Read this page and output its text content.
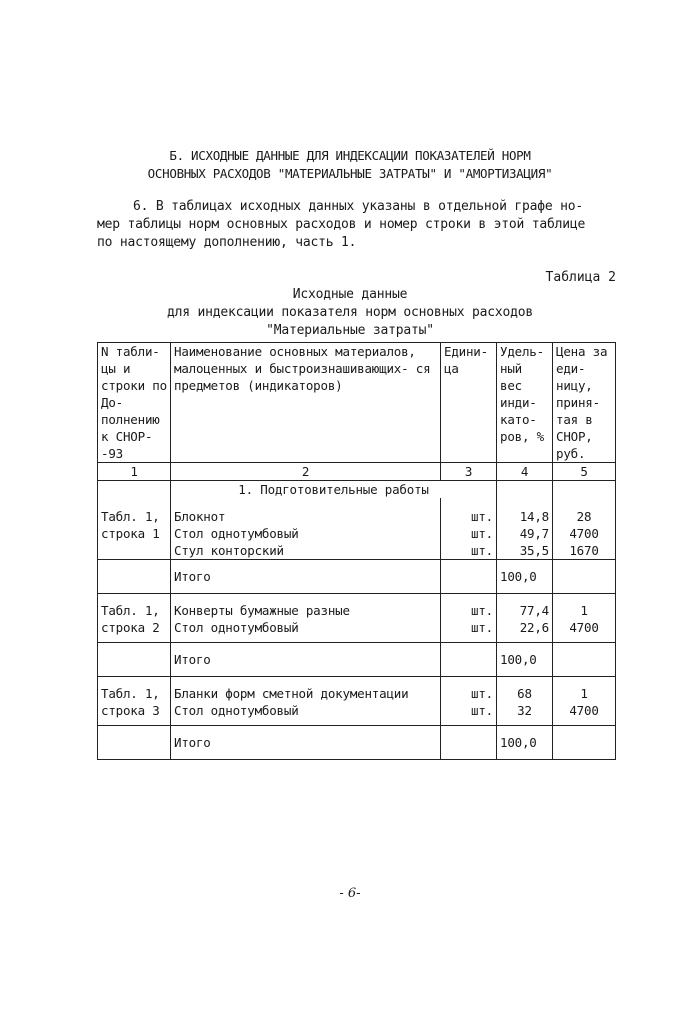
Б. ИСХОДНЫЕ ДАННЫЕ ДЛЯ ИНДЕКСАЦИИ ПОКАЗАТЕЛЕЙ НОРМ
ОСНОВНЫХ РАСХОДОВ "МАТЕРИАЛЬНЫЕ ЗАТРАТЫ" И "АМОРТИЗАЦИЯ"
6. В таблицах исходных данных указаны в отдельной графе но-
мер таблицы норм основных расходов и номер строки в этой таблице
по настоящему дополнению, часть 1.
Таблица 2
Исходные данные
для индексации показателя норм основных расходов
"Материальные затраты"
N табли- цы и строки по До- полнению к СНОР- -93	Наименование основных материалов, малоценных и быстроизнашивающих- ся предметов (индикаторов)	Едини- ца	Удель- ный вес инди- като- ров, %	Цена за еди- ницу, приня- тая в СНОР, руб.
1	2	3	4	5
	1. Подготовительные работы			

Табл. 1,	Блокнот	шт.	14,8	28
строка 1	Стол однотумбовый	шт.	49,7	4700
	Стул конторский	шт.	35,5	1670
	Итого		100,0	
Табл. 1,	Конверты бумажные разные	шт.	77,4	1
строка 2	Стол однотумбовый	шт.	22,6	4700
	Итого		100,0	
Табл. 1,	Бланки форм сметной документации	шт.	68	1
строка 3	Стол однотумбовый	шт.	32	4700
	Итого		100,0	
- 6-
